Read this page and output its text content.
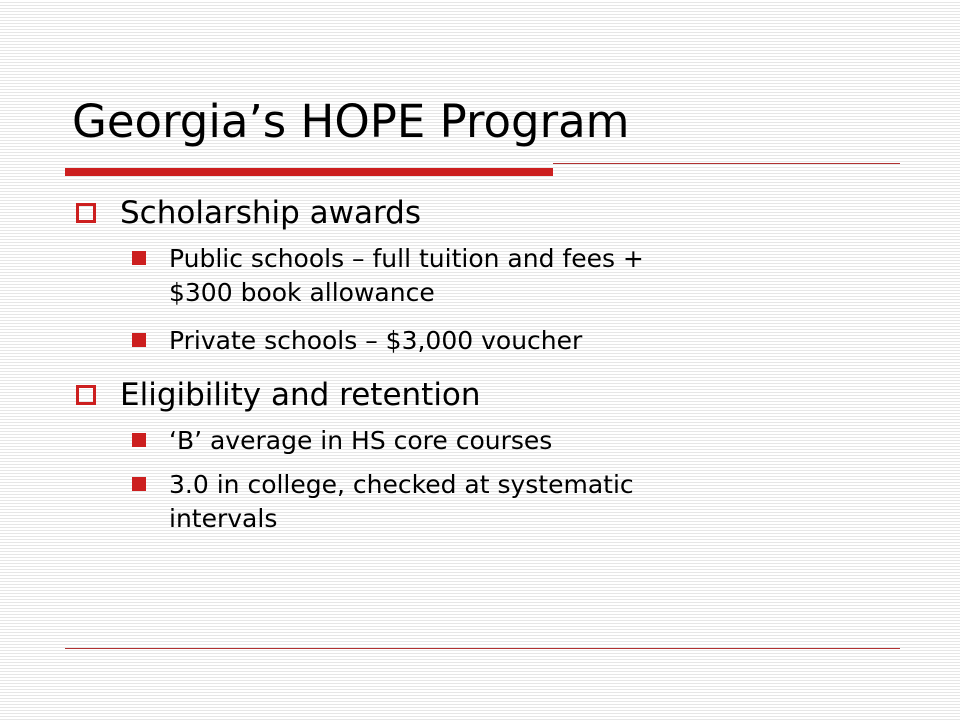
Georgia’s HOPE Program
Scholarship awards
Public schools – full tuition and fees +
$300 book allowance
Private schools – $3,000 voucher
Eligibility and retention
‘B’ average in HS core courses
3.0 in college, checked at systematic
intervals
